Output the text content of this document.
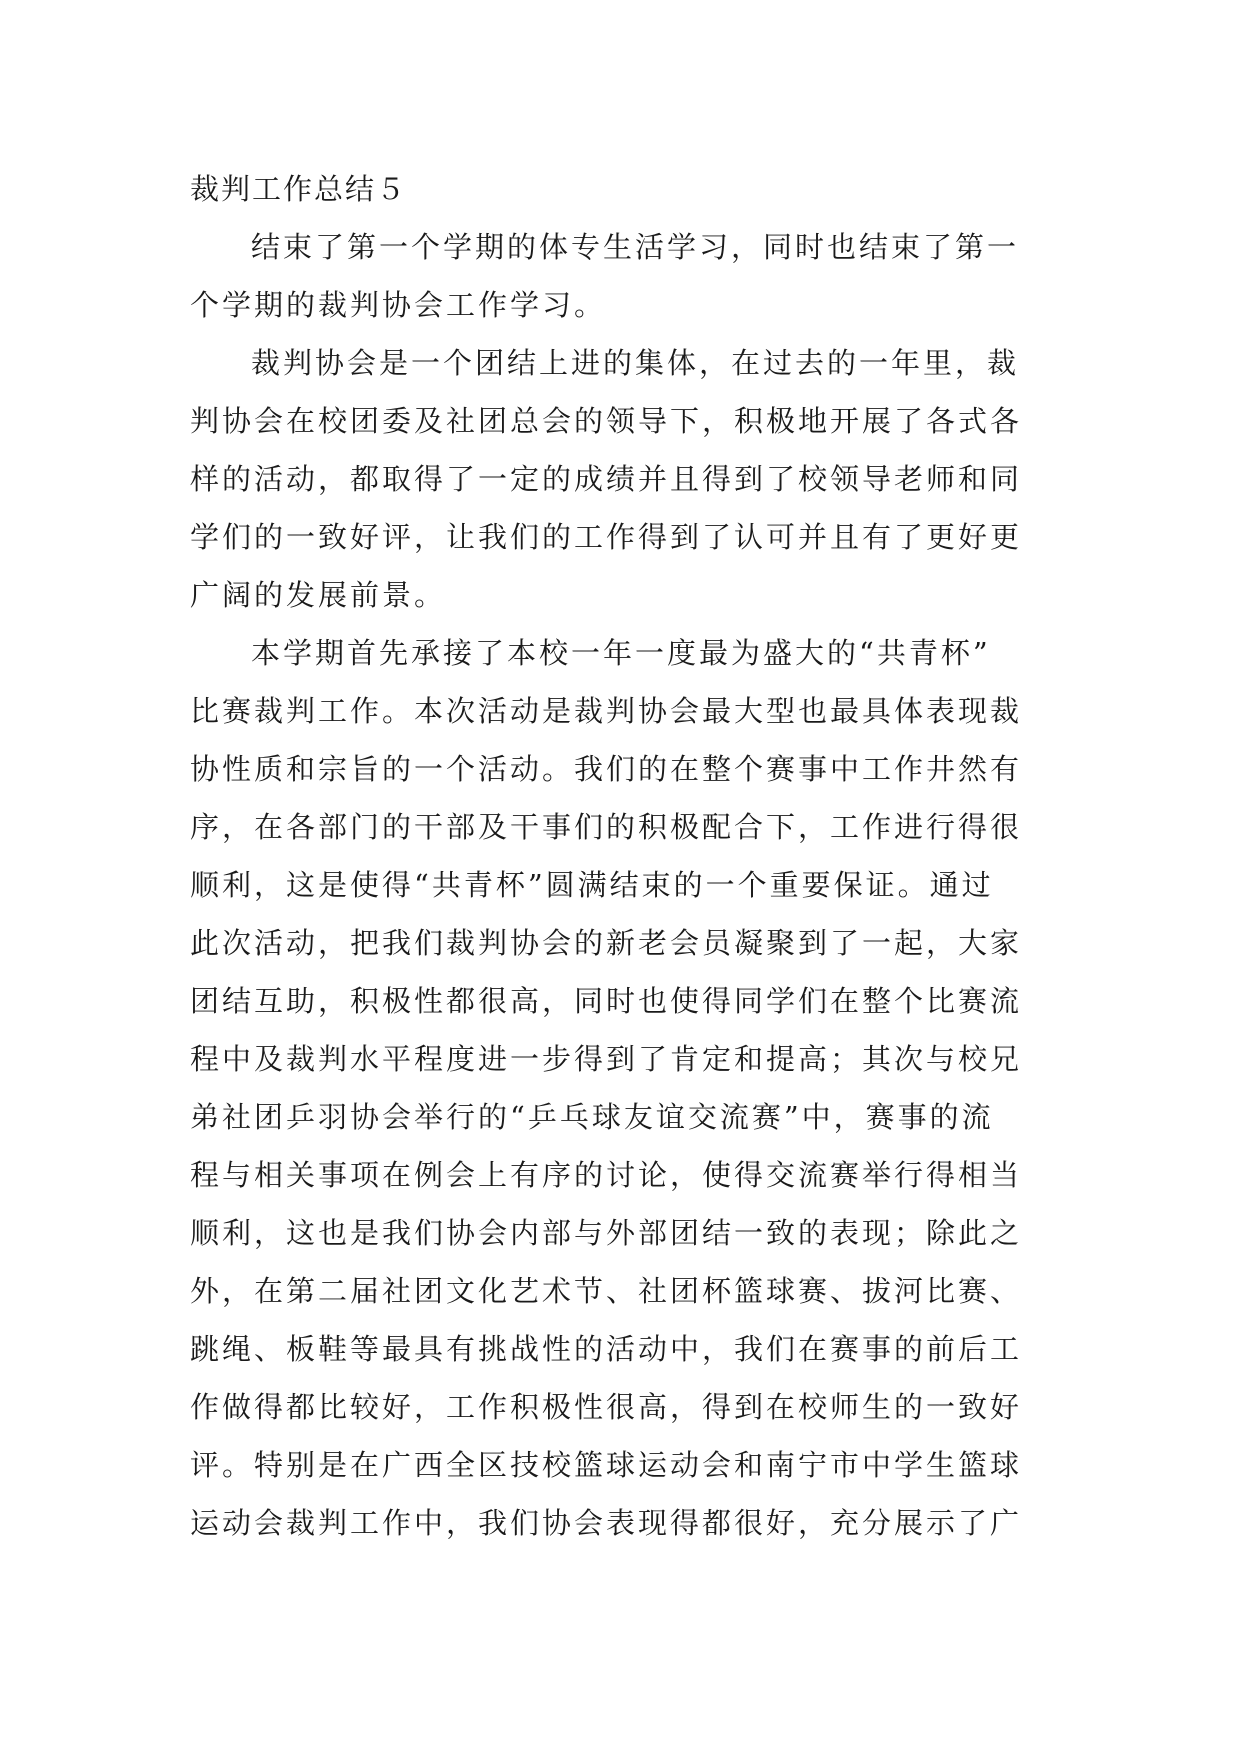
裁判工作总结５

结束了第一个学期的体专生活学习，同时也结束了第一
个学期的裁判协会工作学习。

裁判协会是一个团结上进的集体，在过去的一年里，裁
判协会在校团委及社团总会的领导下，积极地开展了各式各
样的活动，都取得了一定的成绩并且得到了校领导老师和同
学们的一致好评，让我们的工作得到了认可并且有了更好更
广阔的发展前景。

本学期首先承接了本校一年一度最为盛大的“共青杯”
比赛裁判工作。本次活动是裁判协会最大型也最具体表现裁
协性质和宗旨的一个活动。我们的在整个赛事中工作井然有
序，在各部门的干部及干事们的积极配合下，工作进行得很
顺利，这是使得“共青杯”圆满结束的一个重要保证。通过
此次活动，把我们裁判协会的新老会员凝聚到了一起，大家
团结互助，积极性都很高，同时也使得同学们在整个比赛流
程中及裁判水平程度进一步得到了肯定和提高；其次与校兄
弟社团乒羽协会举行的“乒乓球友谊交流赛”中，赛事的流
程与相关事项在例会上有序的讨论，使得交流赛举行得相当
顺利，这也是我们协会内部与外部团结一致的表现；除此之
外，在第二届社团文化艺术节、社团杯篮球赛、拔河比赛、
跳绳、板鞋等最具有挑战性的活动中，我们在赛事的前后工
作做得都比较好，工作积极性很高，得到在校师生的一致好
评。特别是在广西全区技校篮球运动会和南宁市中学生篮球
运动会裁判工作中，我们协会表现得都很好，充分展示了广
